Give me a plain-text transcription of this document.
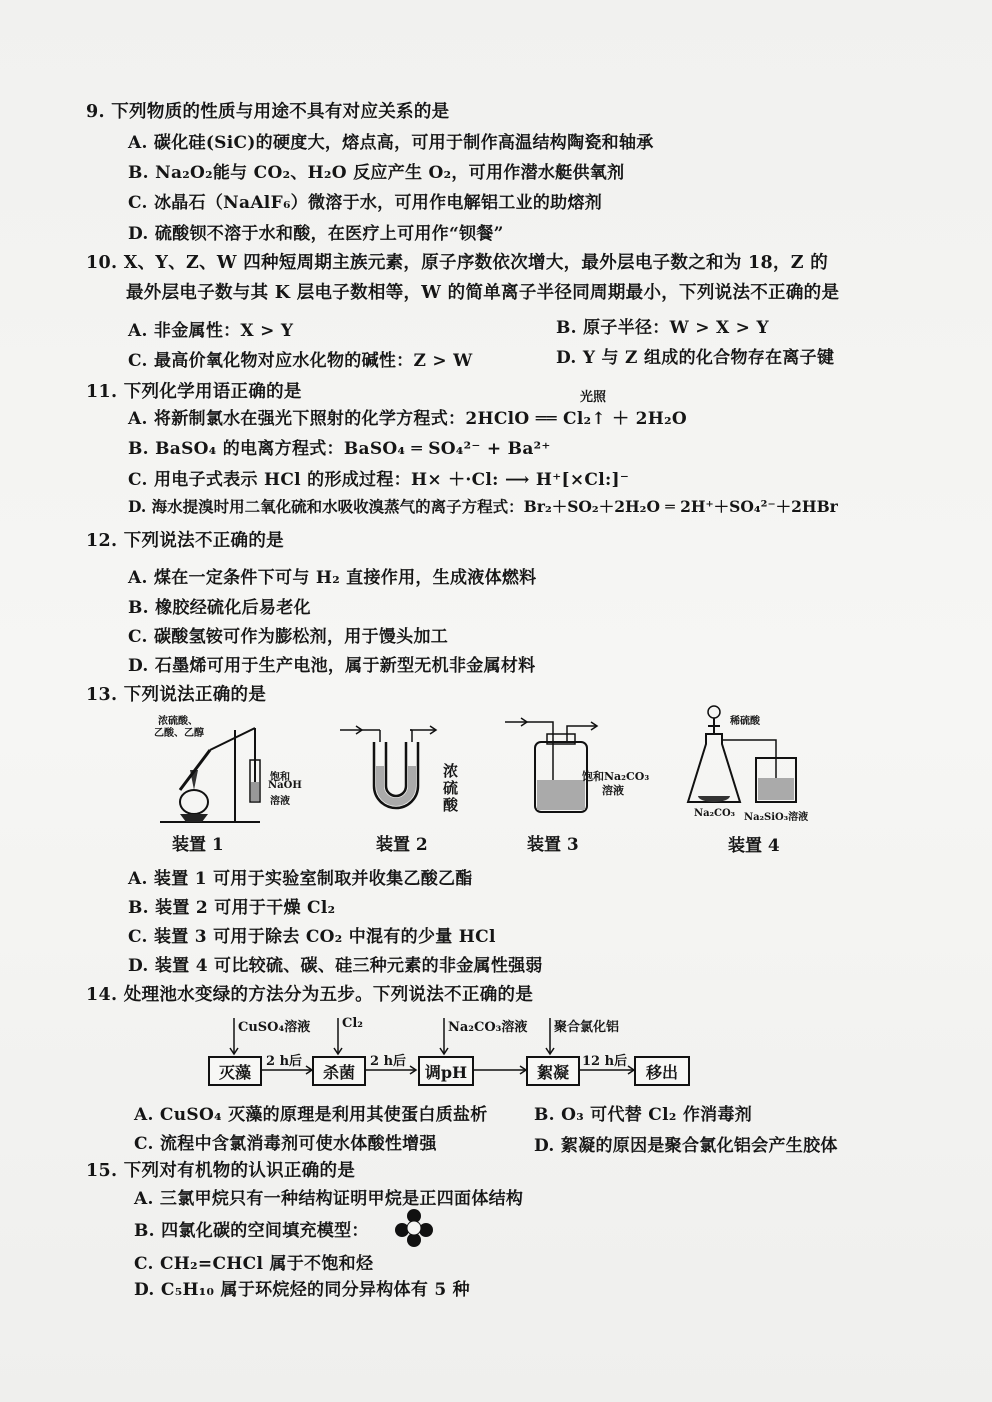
9. 下列物质的性质与用途不具有对应关系的是
A. 碳化硅(SiC)的硬度大，熔点高，可用于制作高温结构陶瓷和轴承
B. Na₂O₂能与 CO₂、H₂O 反应产生 O₂，可用作潜水艇供氧剂
C. 冰晶石（NaAlF₆）微溶于水，可用作电解铝工业的助熔剂
D. 硫酸钡不溶于水和酸，在医疗上可用作“钡餐”
10. X、Y、Z、W 四种短周期主族元素，原子序数依次增大，最外层电子数之和为 18，Z 的
最外层电子数与其 K 层电子数相等，W 的简单离子半径同周期最小，下列说法不正确的是
A. 非金属性：X > Y	B. 原子半径：W > X > Y
C. 最高价氧化物对应水化物的碱性：Z > W	D. Y 与 Z 组成的化合物存在离子键
11. 下列化学用语正确的是	光照
A. 将新制氯水在强光下照射的化学方程式：2HClO ══ Cl₂↑ ＋ 2H₂O
B. BaSO₄ 的电离方程式：BaSO₄ ═ SO₄²⁻ + Ba²⁺
C. 用电子式表示 HCl 的形成过程：H× ＋·Cl: ⟶ H⁺[×Cl:]⁻
D. 海水提溴时用二氧化硫和水吸收溴蒸气的离子方程式：Br₂＋SO₂＋2H₂O ═ 2H⁺＋SO₄²⁻＋2HBr
12. 下列说法不正确的是
A. 煤在一定条件下可与 H₂ 直接作用，生成液体燃料
B. 橡胶经硫化后易老化
C. 碳酸氢铵可作为膨松剂，用于馒头加工
D. 石墨烯可用于生产电池，属于新型无机非金属材料
13. 下列说法正确的是
浓硫酸、
乙酸、乙醇
饱和
NaOH
溶液	浓硫酸	饱和Na₂CO₃
溶液
稀硫酸
Na₂CO₃ Na₂SiO₃溶液
装置 1	装置 2	装置 3	装置 4
A. 装置 1 可用于实验室制取并收集乙酸乙酯
B. 装置 2 可用于干燥 Cl₂
C. 装置 3 可用于除去 CO₂ 中混有的少量 HCl
D. 装置 4 可比较硫、碳、硅三种元素的非金属性强弱
14. 处理池水变绿的方法分为五步。下列说法不正确的是
CuSO₄溶液 Cl₂	Na₂CO₃溶液 聚合氯化铝
灭藻	杀菌	调pH	絮凝	移出
2 h后	2 h后	12 h后
A. CuSO₄ 灭藻的原理是利用其使蛋白质盐析	B. O₃ 可代替 Cl₂ 作消毒剂
C. 流程中含氯消毒剂可使水体酸性增强	D. 絮凝的原因是聚合氯化铝会产生胶体
15. 下列对有机物的认识正确的是
A. 三氯甲烷只有一种结构证明甲烷是正四面体结构
B. 四氯化碳的空间填充模型：
C. CH₂=CHCl 属于不饱和烃
D. C₅H₁₀ 属于环烷烃的同分异构体有 5 种
